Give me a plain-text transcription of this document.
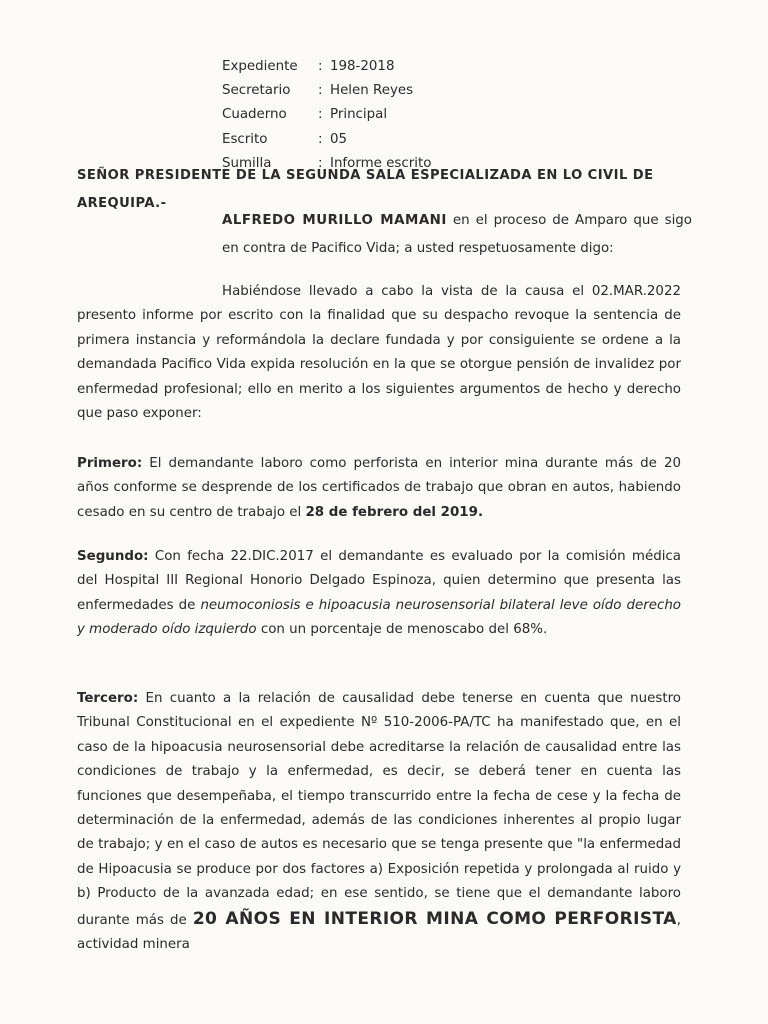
Expediente : 198-2018
Secretario : Helen Reyes
Cuaderno : Principal
Escrito	: 05
Sumilla	: Informe escrito
SEÑOR PRESIDENTE DE LA SEGUNDA SALA ESPECIALIZADA EN LO CIVIL DE AREQUIPA.-
ALFREDO MURILLO MAMANI en el proceso de Amparo que sigo en contra de Pacifico Vida; a usted respetuosamente digo:
Habiéndose llevado a cabo la vista de la causa el 02.MAR.2022 presento informe por escrito con la finalidad que su despacho revoque la sentencia de primera instancia y reformándola la declare fundada y por consiguiente se ordene a la demandada Pacifico Vida expida resolución en la que se otorgue pensión de invalidez por enfermedad profesional; ello en merito a los siguientes argumentos de hecho y derecho que paso exponer:
Primero: El demandante laboro como perforista en interior mina durante más de 20 años conforme se desprende de los certificados de trabajo que obran en autos, habiendo cesado en su centro de trabajo el 28 de febrero del 2019.
Segundo: Con fecha 22.DIC.2017 el demandante es evaluado por la comisión médica del Hospital III Regional Honorio Delgado Espinoza, quien determino que presenta las enfermedades de neumoconiosis e hipoacusia neurosensorial bilateral leve oído derecho y moderado oído izquierdo con un porcentaje de menoscabo del 68%.
Tercero: En cuanto a la relación de causalidad debe tenerse en cuenta que nuestro Tribunal Constitucional en el expediente Nº 510-2006-PA/TC ha manifestado que, en el caso de la hipoacusia neurosensorial debe acreditarse la relación de causalidad entre las condiciones de trabajo y la enfermedad, es decir, se deberá tener en cuenta las funciones que desempeñaba, el tiempo transcurrido entre la fecha de cese y la fecha de determinación de la enfermedad, además de las condiciones inherentes al propio lugar de trabajo; y en el caso de autos es necesario que se tenga presente que "la enfermedad de Hipoacusia se produce por dos factores a) Exposición repetida y prolongada al ruido y b) Producto de la avanzada edad; en ese sentido, se tiene que el demandante laboro durante más de 20 AÑOS EN INTERIOR MINA COMO PERFORISTA, actividad minera
